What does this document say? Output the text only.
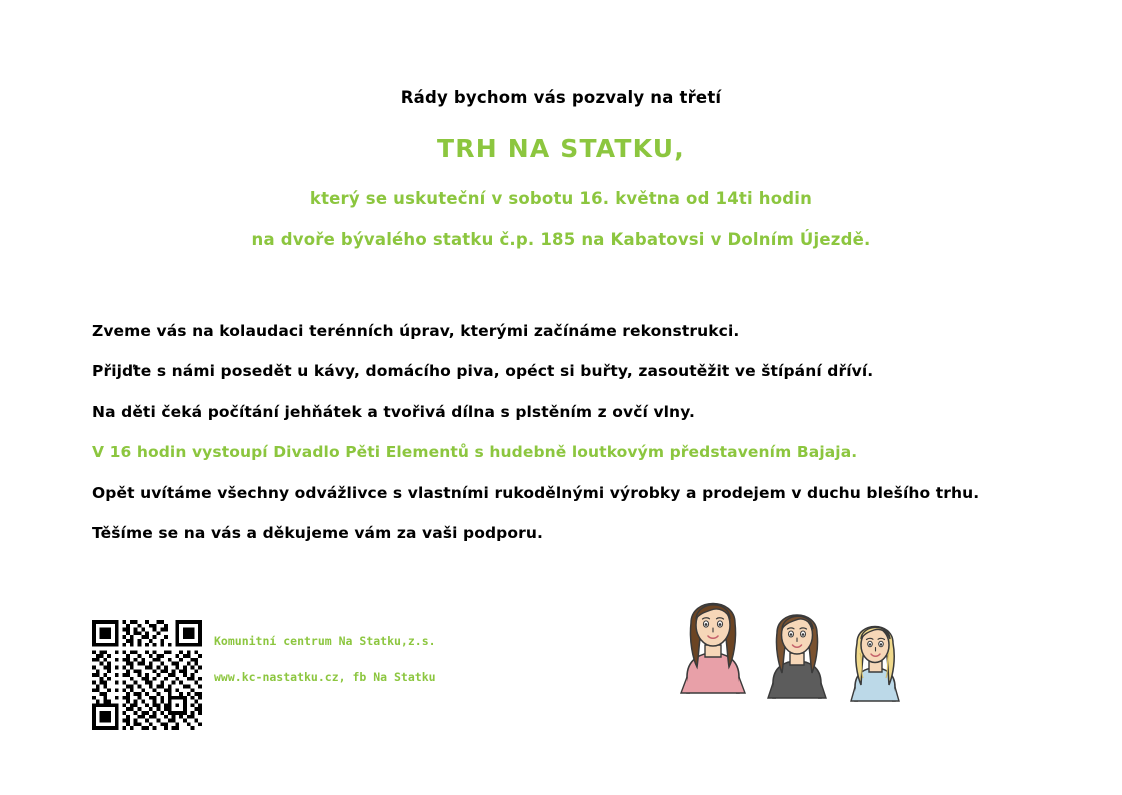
Rády bychom vás pozvaly na třetí
TRH NA STATKU,
který se uskuteční v sobotu 16. května od 14ti hodin
na dvoře bývalého statku č.p. 185 na Kabatovsi v Dolním Újezdě.
Zveme vás na kolaudaci terénních úprav, kterými začínáme rekonstrukci.
Přijďte s námi posedět u kávy, domácího piva, opéct si buřty, zasoutěžit ve štípání dříví.
Na děti čeká počítání jehňátek a tvořivá dílna s plstěním z ovčí vlny.
V 16 hodin vystoupí Divadlo Pěti Elementů s hudebně loutkovým představením Bajaja.
Opět uvítáme všechny odvážlivce s vlastními rukodělnými výrobky a prodejem v duchu blešího trhu.
Těšíme se na vás a děkujeme vám za vaši podporu.
Komunitní centrum Na Statku,z.s.
www.kc-nastatku.cz, fb Na Statku
